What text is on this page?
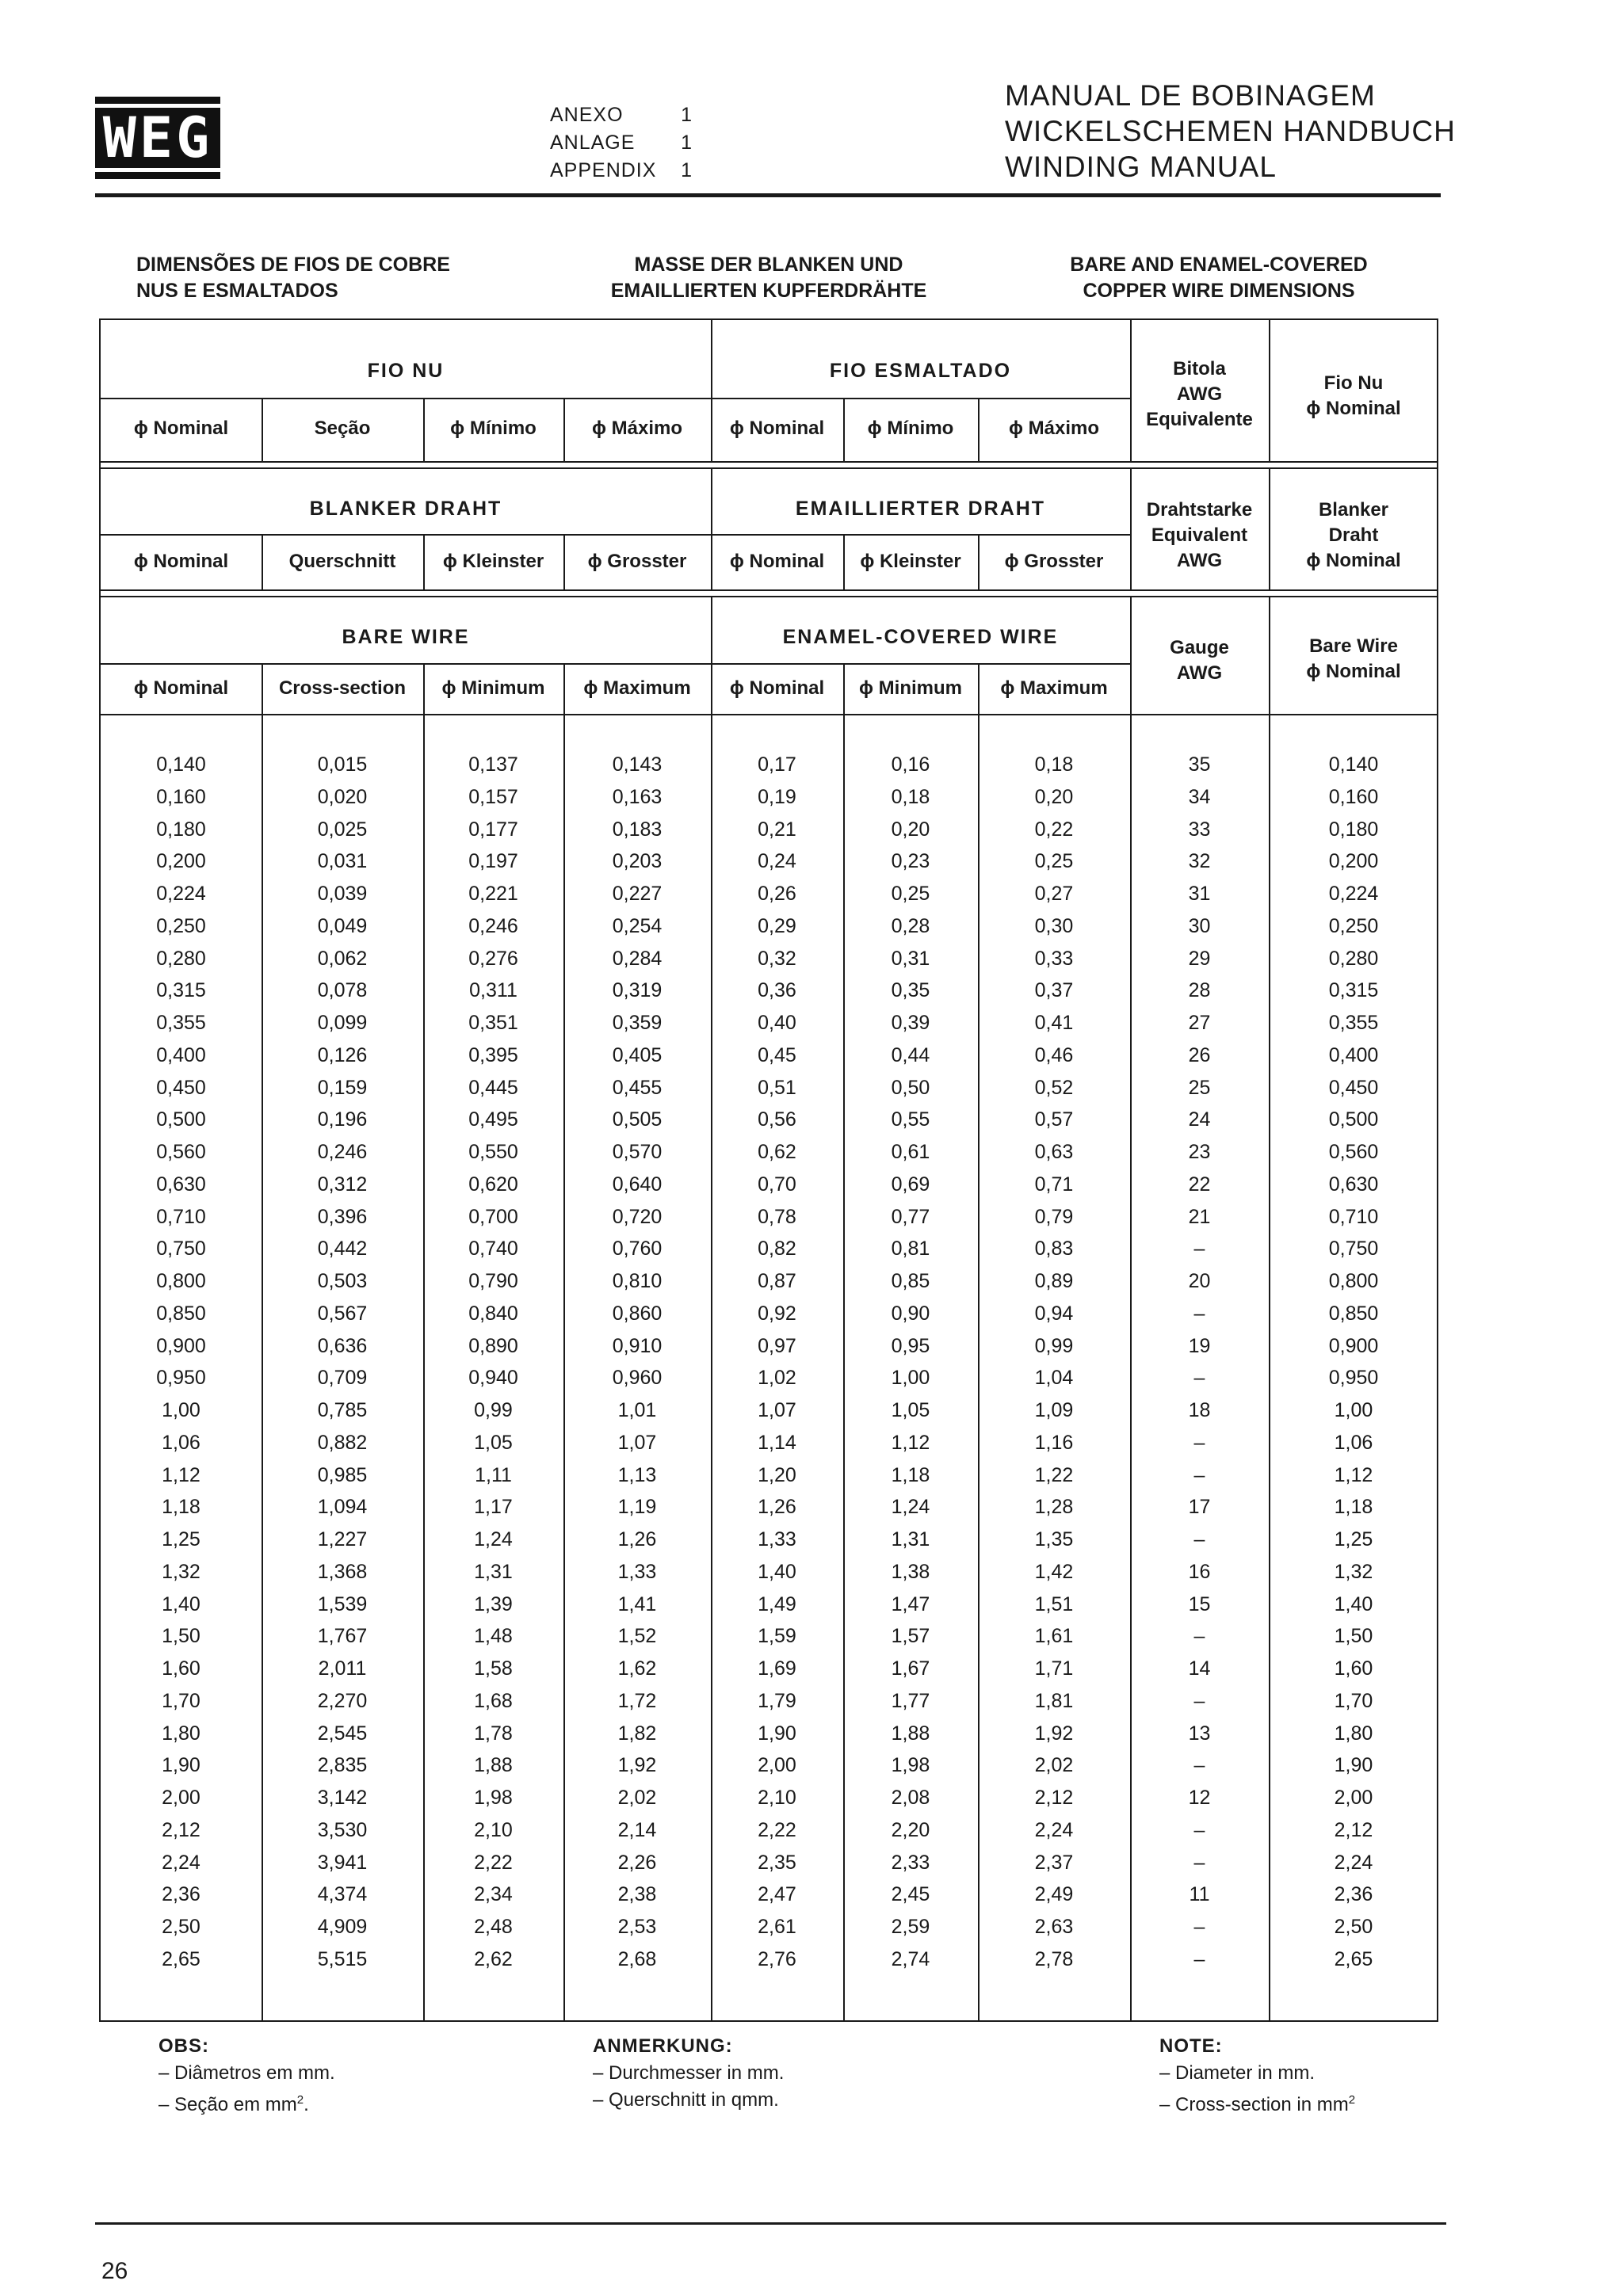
WEG	ANEXO	1
ANLAGE 1
APPENDIX 1
MANUAL DE BOBINAGEM
WICKELSCHEMEN HANDBUCH
WINDING MANUAL
DIMENSÕES DE FIOS DE COBRE
NUS E ESMALTADOS
MASSE DER BLANKEN UND
EMAILLIERTEN KUPFERDRÄHTE
BARE AND ENAMEL-COVERED
COPPER WIRE DIMENSIONS
FIO NU	FIO ESMALTADO
ϕ Nominal	Seção	ϕ Mínimo	ϕ Máximo	ϕ Nominal	ϕ Mínimo	ϕ Máximo
Bitola
AWG
Equivalente
Fio Nu
ϕ Nominal
BLANKER DRAHT	EMAILLIERTER DRAHT
ϕ Nominal	Querschnitt	ϕ Kleinster	ϕ Grosster	ϕ Nominal	ϕ Kleinster	ϕ Grosster
Drahtstarke
Equivalent
AWG
Blanker
Draht
ϕ Nominal
BARE WIRE	ENAMEL-COVERED WIRE
ϕ Nominal	Cross-section	ϕ Minimum	ϕ Maximum	ϕ Nominal	ϕ Minimum	ϕ Maximum
Gauge
AWG
Bare Wire
ϕ Nominal
0,140	0,015	0,137	0,143	0,17	0,16	0,18	35	0,140
0,160	0,020	0,157	0,163	0,19	0,18	0,20	34	0,160
0,180	0,025	0,177	0,183	0,21	0,20	0,22	33	0,180
0,200	0,031	0,197	0,203	0,24	0,23	0,25	32	0,200
0,224	0,039	0,221	0,227	0,26	0,25	0,27	31	0,224
0,250	0,049	0,246	0,254	0,29	0,28	0,30	30	0,250
0,280	0,062	0,276	0,284	0,32	0,31	0,33	29	0,280
0,315	0,078	0,311	0,319	0,36	0,35	0,37	28	0,315
0,355	0,099	0,351	0,359	0,40	0,39	0,41	27	0,355
0,400	0,126	0,395	0,405	0,45	0,44	0,46	26	0,400
0,450	0,159	0,445	0,455	0,51	0,50	0,52	25	0,450
0,500	0,196	0,495	0,505	0,56	0,55	0,57	24	0,500
0,560	0,246	0,550	0,570	0,62	0,61	0,63	23	0,560
0,630	0,312	0,620	0,640	0,70	0,69	0,71	22	0,630
0,710	0,396	0,700	0,720	0,78	0,77	0,79	21	0,710
0,750	0,442	0,740	0,760	0,82	0,81	0,83	–	0,750
0,800	0,503	0,790	0,810	0,87	0,85	0,89	20	0,800
0,850	0,567	0,840	0,860	0,92	0,90	0,94	–	0,850
0,900	0,636	0,890	0,910	0,97	0,95	0,99	19	0,900
0,950	0,709	0,940	0,960	1,02	1,00	1,04	–	0,950
1,00	0,785	0,99	1,01	1,07	1,05	1,09	18	1,00
1,06	0,882	1,05	1,07	1,14	1,12	1,16	–	1,06
1,12	0,985	1,11	1,13	1,20	1,18	1,22	–	1,12
1,18	1,094	1,17	1,19	1,26	1,24	1,28	17	1,18
1,25	1,227	1,24	1,26	1,33	1,31	1,35	–	1,25
1,32	1,368	1,31	1,33	1,40	1,38	1,42	16	1,32
1,40	1,539	1,39	1,41	1,49	1,47	1,51	15	1,40
1,50	1,767	1,48	1,52	1,59	1,57	1,61	–	1,50
1,60	2,011	1,58	1,62	1,69	1,67	1,71	14	1,60
1,70	2,270	1,68	1,72	1,79	1,77	1,81	–	1,70
1,80	2,545	1,78	1,82	1,90	1,88	1,92	13	1,80
1,90	2,835	1,88	1,92	2,00	1,98	2,02	–	1,90
2,00	3,142	1,98	2,02	2,10	2,08	2,12	12	2,00
2,12	3,530	2,10	2,14	2,22	2,20	2,24	–	2,12
2,24	3,941	2,22	2,26	2,35	2,33	2,37	–	2,24
2,36	4,374	2,34	2,38	2,47	2,45	2,49	11	2,36
2,50	4,909	2,48	2,53	2,61	2,59	2,63	–	2,50
2,65	5,515	2,62	2,68	2,76	2,74	2,78	–	2,65
OBS:
– Diâmetros em mm.
– Seção em $mm^2$.
ANMERKUNG:
– Durchmesser in mm.
– Querschnitt in qmm.
NOTE:
– Diameter in mm.
– Cross-section in $mm^2$
26
